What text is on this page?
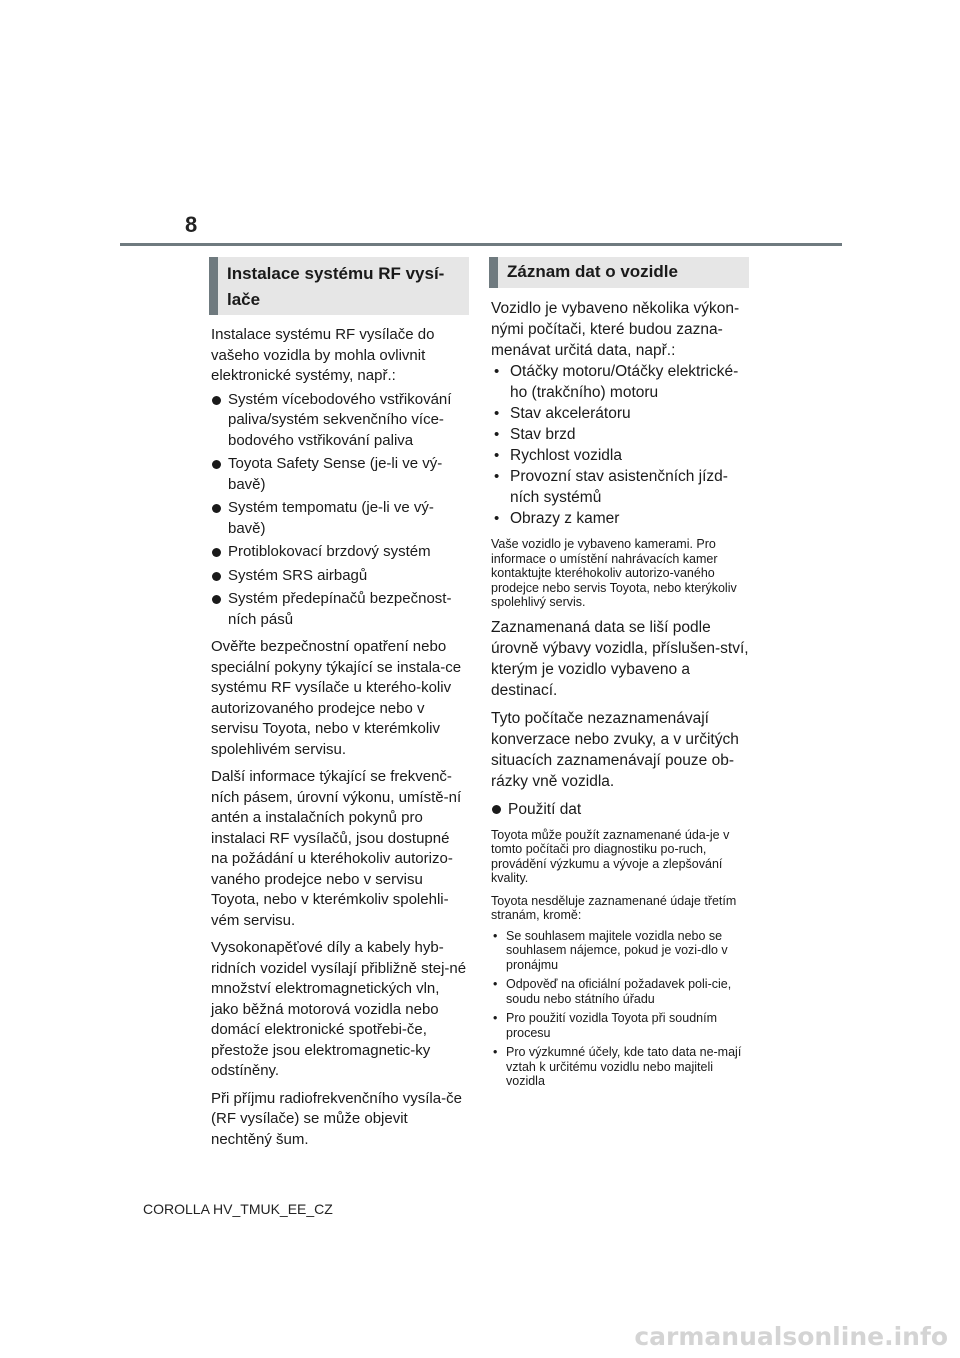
8
Instalace systému RF vysí-lače

Instalace systému RF vysílače do vašeho vozidla by mohla ovlivnit elektronické systémy, např.:

Systém vícebodového vstřikování paliva/systém sekvenčního více-bodového vstřikování paliva
Toyota Safety Sense (je-li ve vý-bavě)
Systém tempomatu (je-li ve vý-bavě)
Protiblokovací brzdový systém
Systém SRS airbagů
Systém předepínačů bezpečnost-ních pásů

Ověřte bezpečnostní opatření nebo speciální pokyny týkající se instala-ce systému RF vysílače u kterého-koliv autorizovaného prodejce nebo v servisu Toyota, nebo v kterémkoliv spolehlivém servisu.

Další informace týkající se frekvenč-ních pásem, úrovní výkonu, umístě-ní antén a instalačních pokynů pro instalaci RF vysílačů, jsou dostupné na požádání u kteréhokoliv autorizo-vaného prodejce nebo v servisu Toyota, nebo v kterémkoliv spolehli-vém servisu.

Vysokonapěťové díly a kabely hyb-ridních vozidel vysílají přibližně stej-né množství elektromagnetických vln, jako běžná motorová vozidla nebo domácí elektronické spotřebi-če, přestože jsou elektromagnetic-ky odstíněny.

Při příjmu radiofrekvenčního vysíla-če (RF vysílače) se může objevit nechtěný šum.

Záznam dat o vozidle

Vozidlo je vybaveno několika výkon-nými počítači, které budou zazna-menávat určitá data, např.:

• Otáčky motoru/Otáčky elektrické-ho (trakčního) motoru
• Stav akcelerátoru
• Stav brzd
• Rychlost vozidla
• Provozní stav asistenčních jízd-ních systémů
• Obrazy z kamer

Vaše vozidlo je vybaveno kamerami. Pro informace o umístění nahrávacích kamer kontaktujte kteréhokoliv autorizo-vaného prodejce nebo servis Toyota, nebo kterýkoliv spolehlivý servis.

Zaznamenaná data se liší podle úrovně výbavy vozidla, příslušen-ství, kterým je vozidlo vybaveno a destinací.

Tyto počítače nezaznamenávají konverzace nebo zvuky, a v určitých situacích zaznamenávají pouze ob-rázky vně vozidla.

Použití dat

Toyota může použít zaznamenané úda-je v tomto počítači pro diagnostiku po-ruch, provádění výzkumu a vývoje a zlepšování kvality.

Toyota nesděluje zaznamenané údaje třetím stranám, kromě:

• Se souhlasem majitele vozidla nebo se souhlasem nájemce, pokud je vozi-dlo v pronájmu
• Odpověď na oficiální požadavek poli-cie, soudu nebo státního úřadu
• Pro použití vozidla Toyota při soudním procesu
• Pro výzkumné účely, kde tato data ne-mají vztah k určitému vozidlu nebo majiteli vozidla
COROLLA HV_TMUK_EE_CZ
carmanualsonline.info
